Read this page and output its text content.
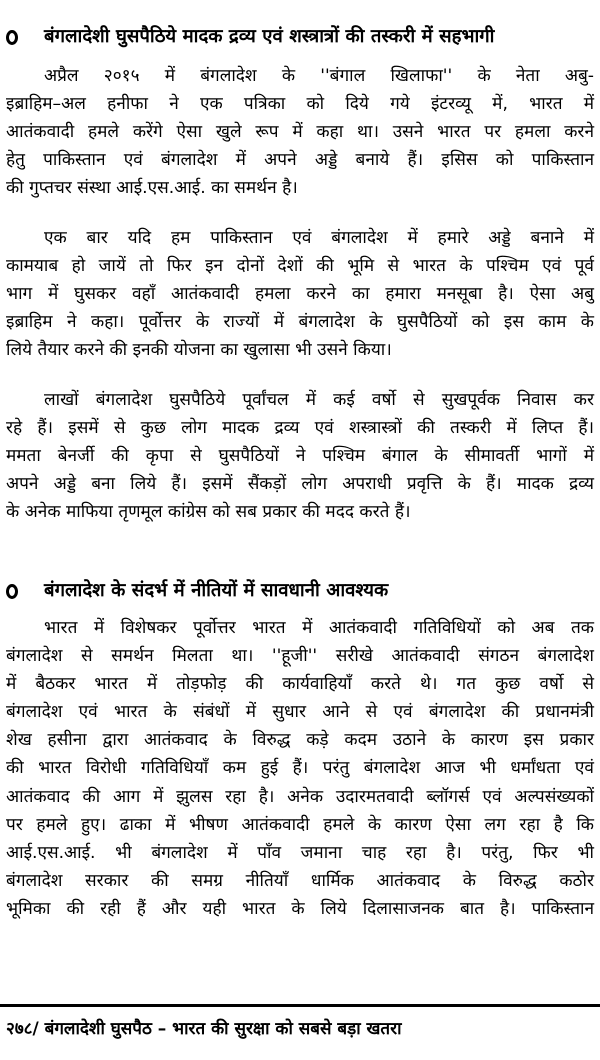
बंगलादेशी घुसपैठिये मादक द्रव्य एवं शस्त्रात्रों की तस्करी में सहभागी
अप्रैल २०१५ में बंगलादेश के ''बंगाल खिलाफा'' के नेता अबु-
इब्राहिम–अल हनीफा ने एक पत्रिका को दिये गये इंटरव्यू में, भारत में
आतंकवादी हमले करेंगे ऐसा खुले रूप में कहा था। उसने भारत पर हमला करने
हेतु पाकिस्तान एवं बंगलादेश में अपने अड्डे बनाये हैं। इसिस को पाकिस्तान
की गुप्तचर संस्था आई.एस.आई. का समर्थन है।
एक बार यदि हम पाकिस्तान एवं बंगलादेश में हमारे अड्डे बनाने में
कामयाब हो जायें तो फिर इन दोनों देशों की भूमि से भारत के पश्चिम एवं पूर्व
भाग में घुसकर वहाँ आतंकवादी हमला करने का हमारा मनसूबा है। ऐसा अबु
इब्राहिम ने कहा। पूर्वोत्तर के राज्यों में बंगलादेश के घुसपैठियों को इस काम के
लिये तैयार करने की इनकी योजना का खुलासा भी उसने किया।
लाखों बंगलादेश घुसपैठिये पूर्वांचल में कई वर्षो से सुखपूर्वक निवास कर
रहे हैं। इसमें से कुछ लोग मादक द्रव्य एवं शस्त्रास्त्रों की तस्करी में लिप्त हैं।
ममता बेनर्जी की कृपा से घुसपैठियों ने पश्चिम बंगाल के सीमावर्ती भागों में
अपने अड्डे बना लिये हैं। इसमें सैंकड़ों लोग अपराधी प्रवृत्ति के हैं। मादक द्रव्य
के अनेक माफिया तृणमूल कांग्रेस को सब प्रकार की मदद करते हैं।
बंगलादेश के संदर्भ में नीतियों में सावधानी आवश्यक
भारत में विशेषकर पूर्वोत्तर भारत में आतंकवादी गतिविधियों को अब तक
बंगलादेश से समर्थन मिलता था। ''हूजी'' सरीखे आतंकवादी संगठन बंगलादेश
में बैठकर भारत में तोड़फोड़ की कार्यवाहियाँ करते थे। गत कुछ वर्षो से
बंगलादेश एवं भारत के संबंधों में सुधार आने से एवं बंगलादेश की प्रधानमंत्री
शेख हसीना द्वारा आतंकवाद के विरुद्ध कड़े कदम उठाने के कारण इस प्रकार
की भारत विरोधी गतिविधियाँ कम हुई हैं। परंतु बंगलादेश आज भी धर्मांधता एवं
आतंकवाद की आग में झुलस रहा है। अनेक उदारमतवादी ब्लॉगर्स एवं अल्पसंख्यकों
पर हमले हुए। ढाका में भीषण आतंकवादी हमले के कारण ऐसा लग रहा है कि
आई.एस.आई. भी बंगलादेश में पाँव जमाना चाह रहा है। परंतु, फिर भी
बंगलादेश सरकार की समग्र नीतियाँ धार्मिक आतंकवाद के विरुद्ध कठोर
भूमिका की रही हैं और यही भारत के लिये दिलासाजनक बात है। पाकिस्तान
२७८/ बंगलादेशी घुसपैठ – भारत की सुरक्षा को सबसे बड़ा खतरा
